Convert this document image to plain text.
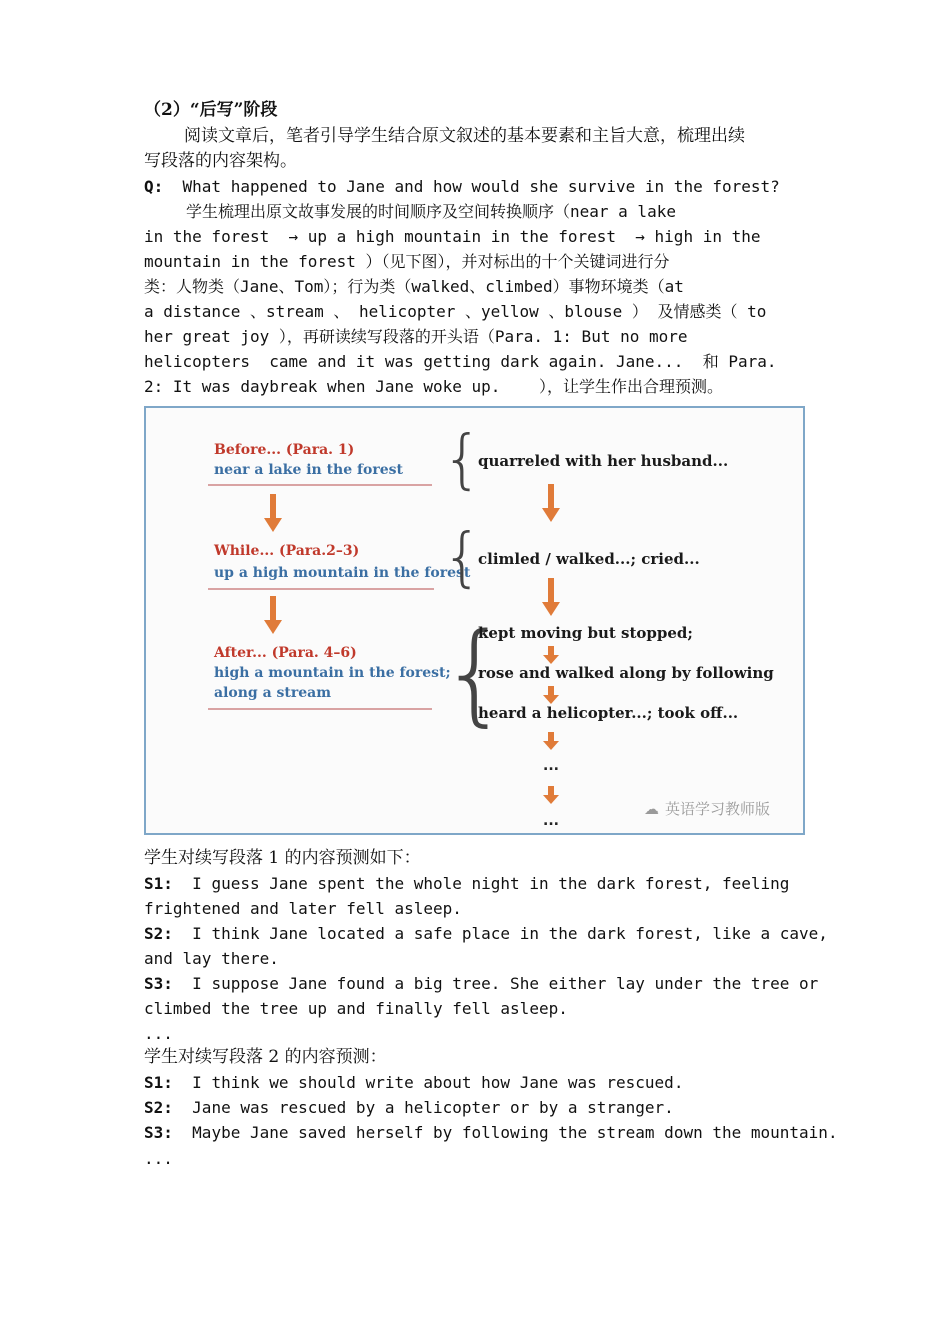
（2）“后写”阶段
阅读文章后，笔者引导学生结合原文叙述的基本要素和主旨大意，梳理出续
写段落的内容架构。
Q: What happened to Jane and how would she survive in the forest?
学生梳理出原文故事发展的时间顺序及空间转换顺序（near a lake
in the forest  → up a high mountain in the forest  → high in the
mountain in the forest ）（见下图），并对标出的十个关键词进行分
类：人物类（Jane、Tom）；行为类（walked、climbed）事物环境类（at
a distance 、stream 、 helicopter 、yellow 、blouse ） 及情感类（ to
her great joy ），再研读续写段落的开头语（Para. 1: But no more
helicopters  came and it was getting dark again. Jane...  和 Para.
2: It was daybreak when Jane woke up.    ），让学生作出合理预测。
Before... (Para. 1)
near a lake in the forest
While... (Para.2–3)
up a high mountain in the forest
After... (Para. 4–6)
high a mountain in the forest;
along a stream
{
{
{
quarreled with her husband...
climled / walked...; cried...
kept moving but stopped;
rose and walked along by following
heard a helicopter...; took off...
...
...
☁ 英语学习教师版
学生对续写段落 1 的内容预测如下：
S1: I guess Jane spent the whole night in the dark forest, feeling
frightened and later fell asleep.
S2: I think Jane located a safe place in the dark forest, like a cave,
and lay there.
S3: I suppose Jane found a big tree. She either lay under the tree or
climbed the tree up and finally fell asleep.
...
学生对续写段落 2 的内容预测：
S1: I think we should write about how Jane was rescued.
S2: Jane was rescued by a helicopter or by a stranger.
S3: Maybe Jane saved herself by following the stream down the mountain.
...
